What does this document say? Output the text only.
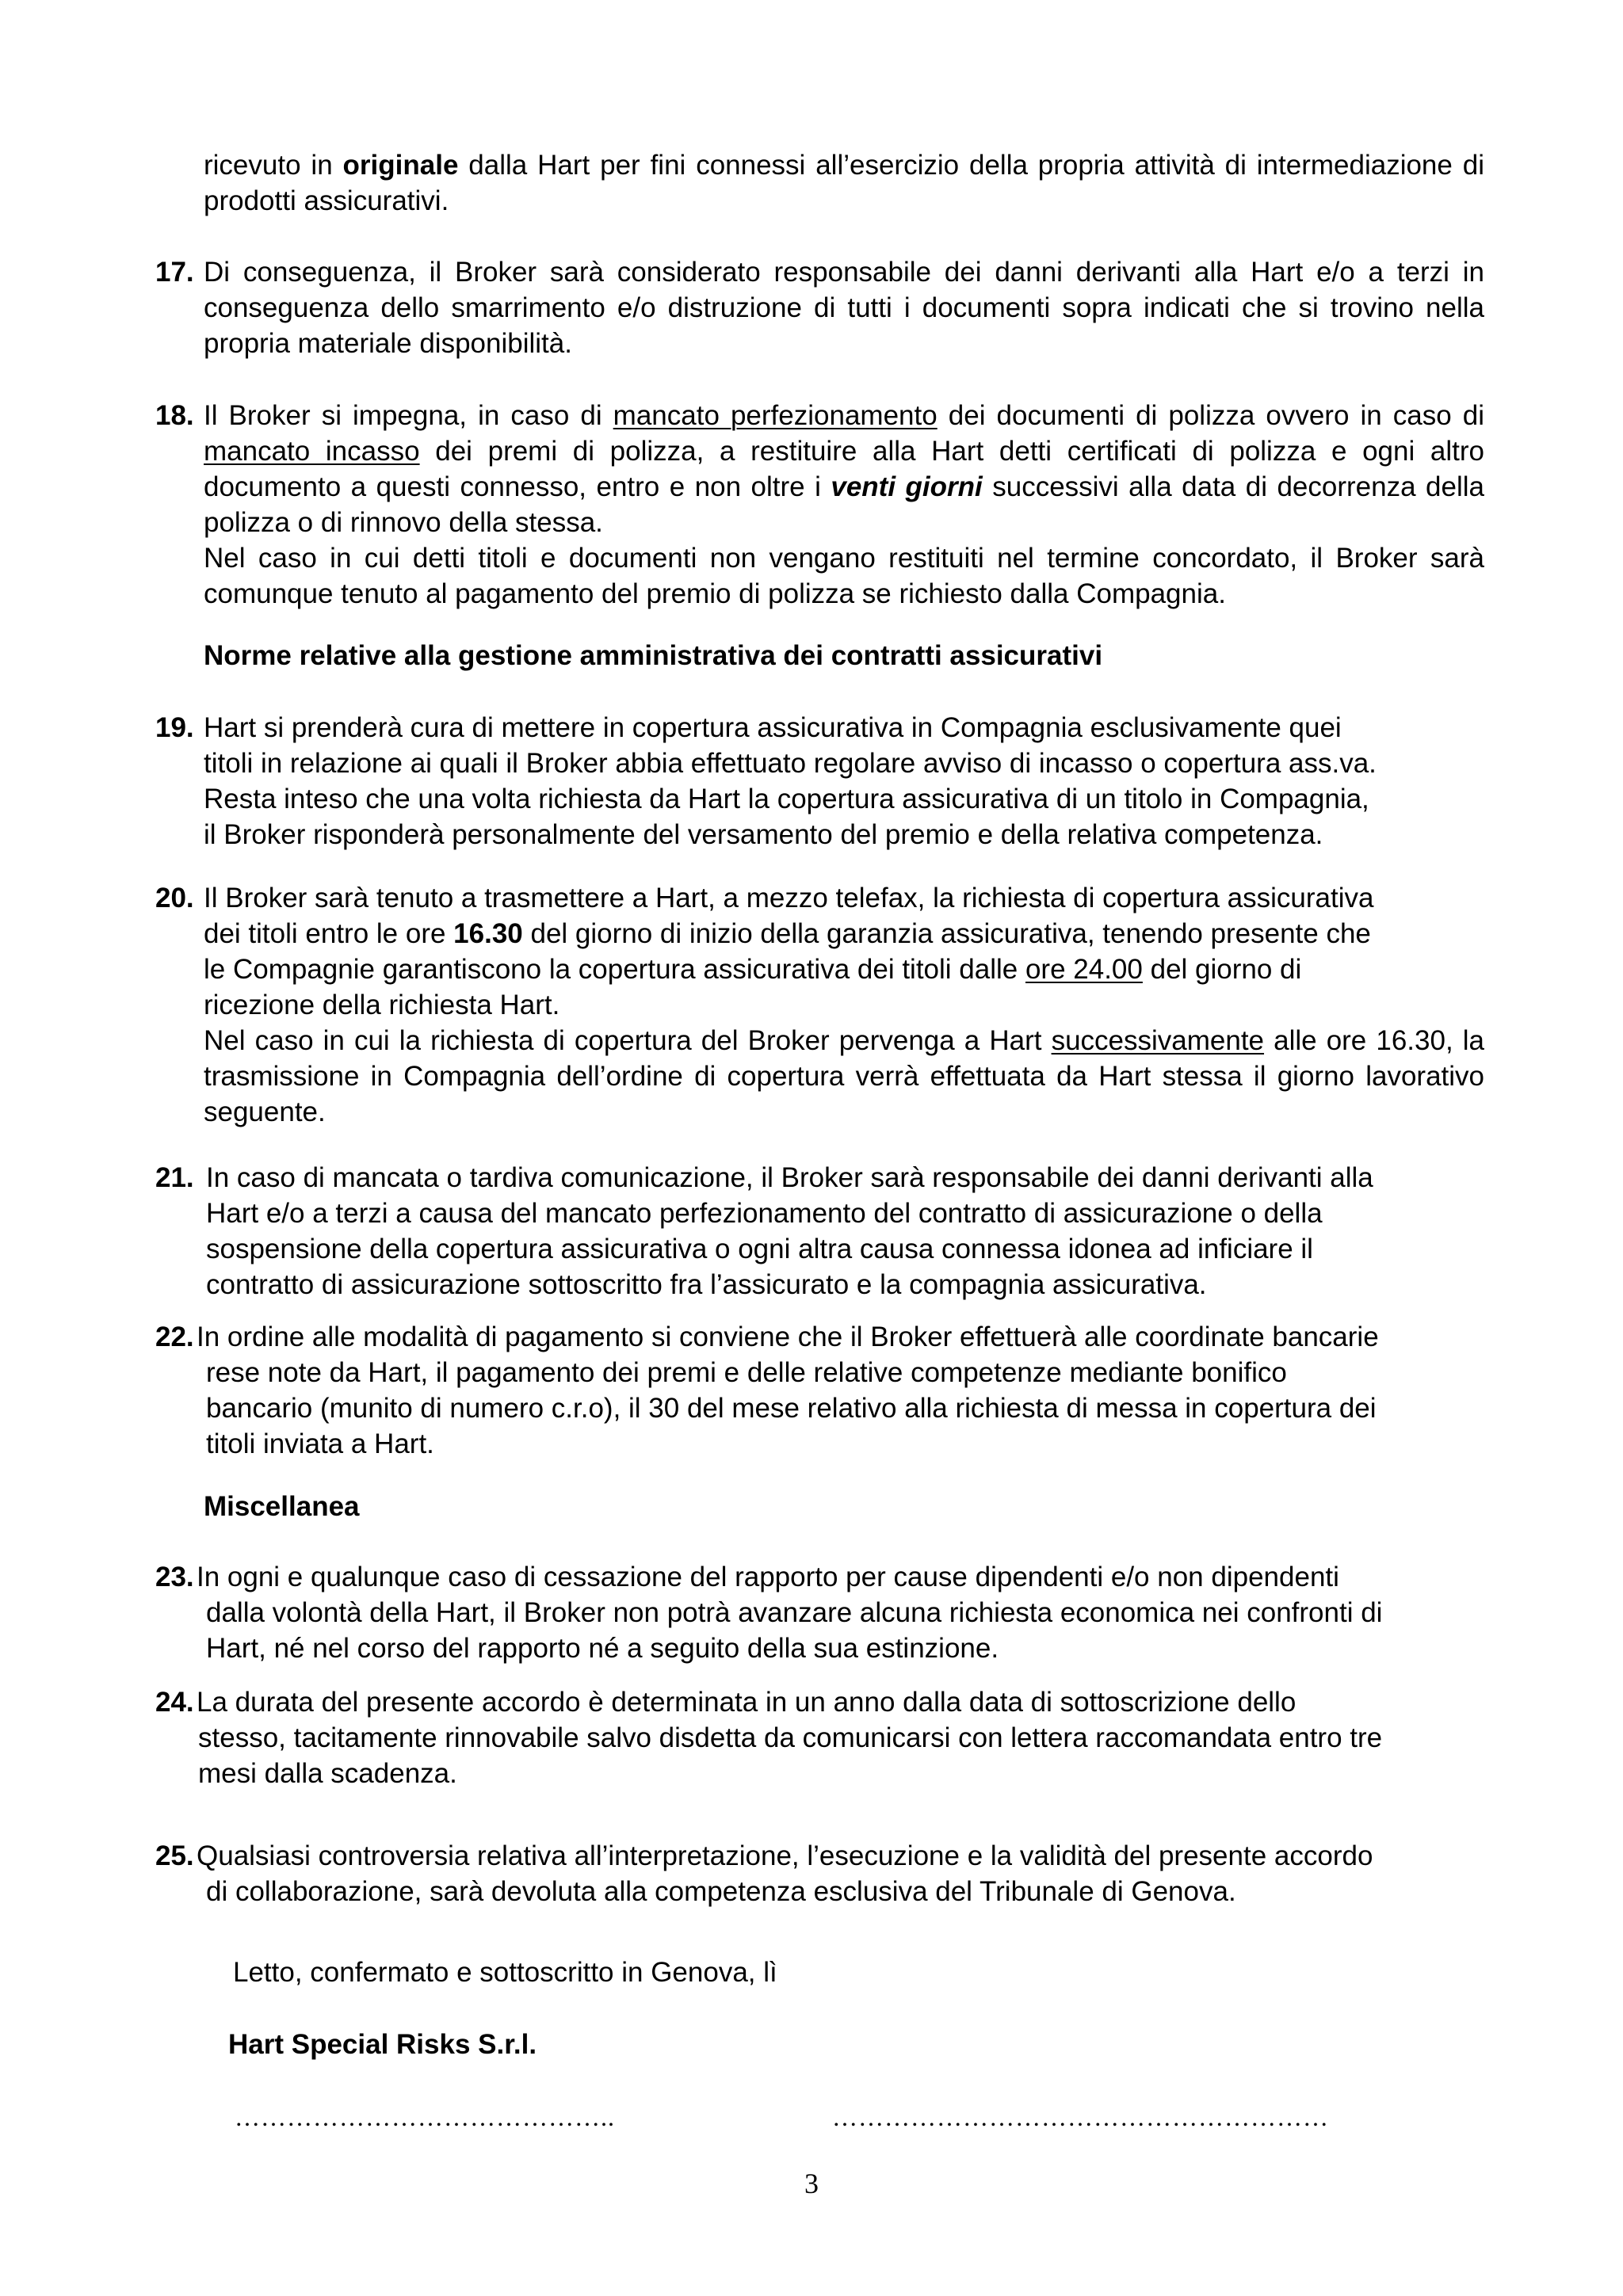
ricevuto in originale dalla Hart per fini connessi all’esercizio della propria attività di intermediazione di prodotti assicurativi.
17. Di conseguenza, il Broker sarà considerato responsabile dei danni derivanti alla Hart e/o a terzi in conseguenza dello smarrimento e/o distruzione di tutti i documenti sopra indicati che si trovino nella propria materiale disponibilità.
18. Il Broker si impegna, in caso di mancato perfezionamento dei documenti di polizza ovvero in caso di mancato incasso dei premi di polizza, a restituire alla Hart detti certificati di polizza e ogni altro documento a questi connesso, entro e non oltre i venti giorni successivi alla data di decorrenza della polizza o di rinnovo della stessa.
Nel caso in cui detti titoli e documenti non vengano restituiti nel termine concordato, il Broker sarà comunque tenuto al pagamento del premio di polizza se richiesto dalla Compagnia.
Norme relative alla gestione amministrativa dei contratti assicurativi
19. Hart si prenderà cura di mettere in copertura assicurativa in Compagnia esclusivamente quei
titoli in relazione ai quali il Broker abbia effettuato regolare avviso di incasso o copertura ass.va.
Resta inteso che una volta richiesta da Hart la copertura assicurativa di un titolo in Compagnia,
il Broker risponderà personalmente del versamento del premio e della relativa competenza.
20. Il Broker sarà tenuto a trasmettere a Hart, a mezzo telefax, la richiesta di copertura assicurativa
dei titoli entro le ore 16.30 del giorno di inizio della garanzia assicurativa, tenendo presente che
le Compagnie garantiscono la copertura assicurativa dei titoli dalle ore 24.00 del giorno di
ricezione della richiesta Hart.
Nel caso in cui la richiesta di copertura del Broker pervenga a Hart successivamente alle ore 16.30, la trasmissione in Compagnia dell’ordine di copertura verrà effettuata da Hart stessa il giorno lavorativo seguente.
21. In caso di mancata o tardiva comunicazione, il Broker sarà responsabile dei danni derivanti alla
Hart e/o a terzi a causa del mancato perfezionamento del contratto di assicurazione o della
sospensione della copertura assicurativa o ogni altra causa connessa idonea ad inficiare il
contratto di assicurazione sottoscritto fra l’assicurato e la compagnia assicurativa.
22. In ordine alle modalità di pagamento si conviene che il Broker effettuerà alle coordinate bancarie
rese note da Hart, il pagamento dei premi e delle relative competenze mediante bonifico
bancario (munito di numero c.r.o), il 30 del mese relativo alla richiesta di messa in copertura dei
titoli inviata a Hart.
Miscellanea
23. In ogni e qualunque caso di cessazione del rapporto per cause dipendenti e/o non dipendenti
dalla volontà della Hart, il Broker non potrà avanzare alcuna richiesta economica nei confronti di
Hart, né nel corso del rapporto né a seguito della sua estinzione.
24. La durata del presente accordo è determinata in un anno dalla data di sottoscrizione dello
stesso, tacitamente rinnovabile salvo disdetta da comunicarsi con lettera raccomandata entro tre
mesi dalla scadenza.
25. Qualsiasi controversia relativa all’interpretazione, l’esecuzione e la validità del presente accordo
di collaborazione, sarà devoluta alla competenza esclusiva del Tribunale di Genova.
Letto, confermato e sottoscritto in Genova, lì
Hart Special Risks S.r.l.
……………………………………..	…………………………………………………
3
